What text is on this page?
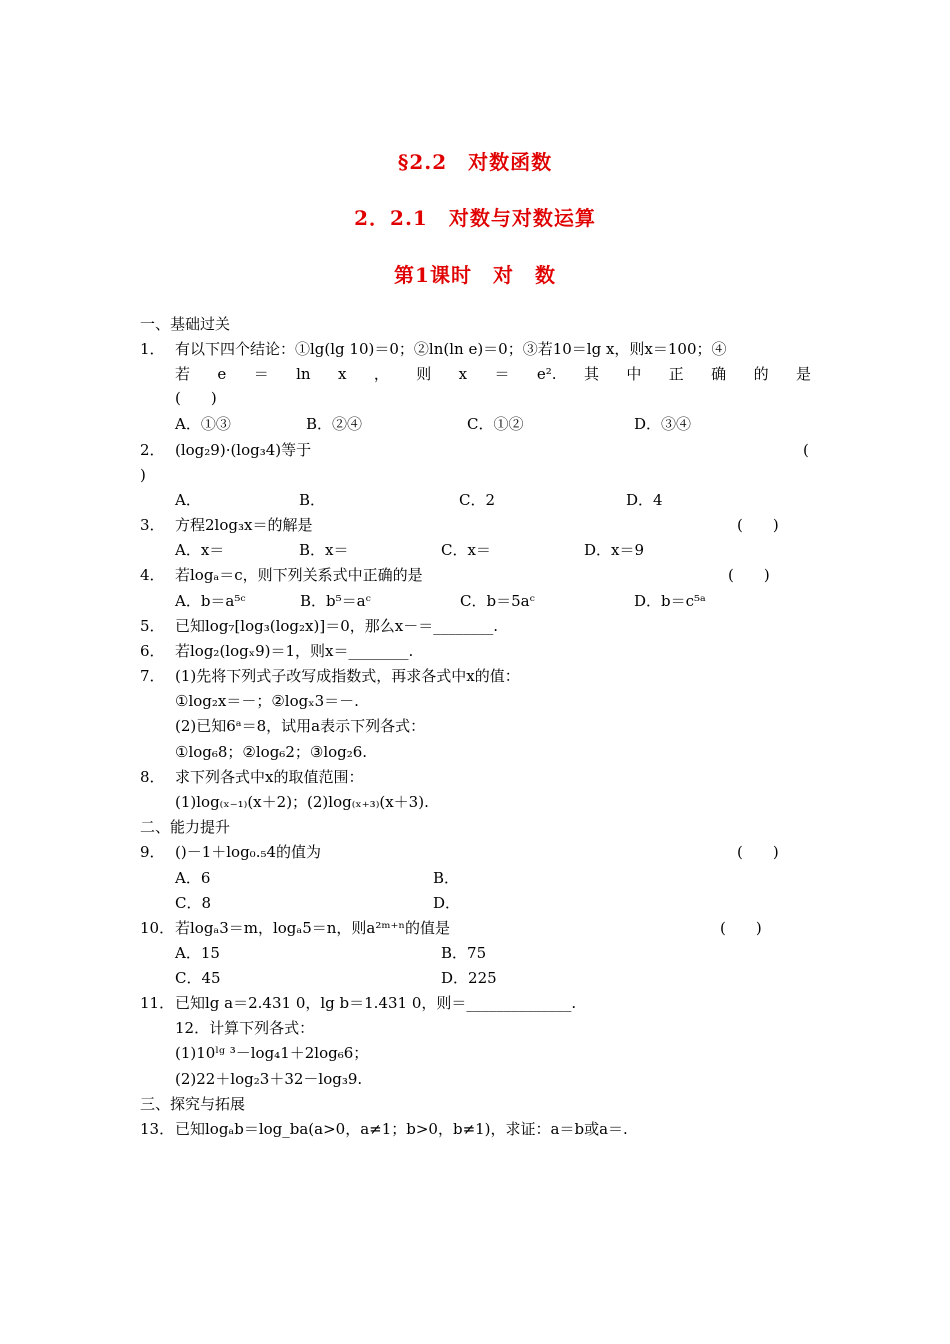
§2.2　对数函数
2．2.1　对数与对数运算
第1课时　对　数
一、基础过关
1． 有以下四个结论：①lg(lg 10)＝0；②ln(ln e)＝0；③若10＝lg x，则x＝100；④
若 e ＝ ln x ， 则 x ＝ e². 其 中 正 确 的 是
(　　)
A．①③	B．②④	C．①②	D．③④
2． (log₂9)·(log₃4)等于	(
)
A．	B．	C．2	D．4
3． 方程2log₃x＝的解是	(　　)
A．x＝	B．x＝	C．x＝	D．x＝9
4． 若logₐ＝c，则下列关系式中正确的是	(　　)
A．b＝a⁵ᶜ	B．b⁵＝aᶜ	C．b＝5aᶜ	D．b＝c⁵ᵃ
5． 已知log₇[log₃(log₂x)]＝0，那么x－＝________.
6． 若log₂(logₓ9)＝1，则x＝________.
7． (1)先将下列式子改写成指数式，再求各式中x的值：
①log₂x＝－；②logₓ3＝－.
(2)已知6ᵃ＝8，试用a表示下列各式：
①log₆8；②log₆2；③log₂6.
8． 求下列各式中x的取值范围：
(1)log₍ₓ₋₁₎(x＋2)；(2)log₍ₓ₊₃₎(x＋3).
二、能力提升
9． ()－1＋log₀.₅4的值为	(　　)
A．6	B．
C．8	D．
10． 若logₐ3＝m，logₐ5＝n，则a²ᵐ⁺ⁿ的值是	(　　)
A．15	B．75
C．45	D．225
11． 已知lg a＝2.431 0，lg b＝1.431 0，则＝______________.
12．计算下列各式：
(1)10ˡᵍ ³－log₄1＋2log₆6；
(2)22＋log₂3＋32－log₃9.
三、探究与拓展
13． 已知logₐb＝log_ba(a>0，a≠1；b>0，b≠1)，求证：a＝b或a＝.
